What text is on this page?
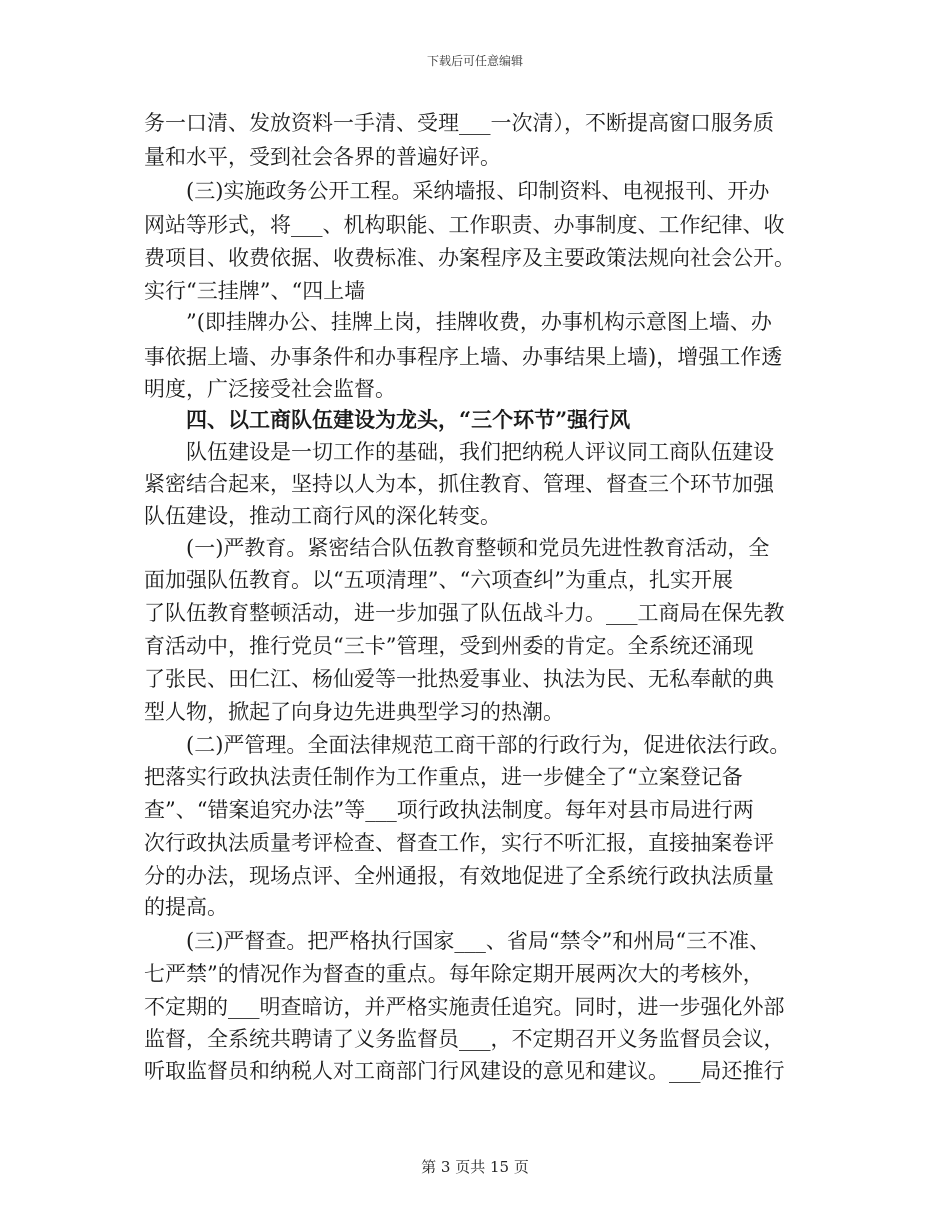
下载后可任意编辑
务一口清、发放资料一手清、受理___一次清），不断提高窗口服务质
量和水平，受到社会各界的普遍好评。
(三)实施政务公开工程。采纳墙报、印制资料、电视报刊、开办
网站等形式，将___、机构职能、工作职责、办事制度、工作纪律、收
费项目、收费依据、收费标准、办案程序及主要政策法规向社会公开。
实行“三挂牌”、“四上墙
”(即挂牌办公、挂牌上岗，挂牌收费，办事机构示意图上墙、办
事依据上墙、办事条件和办事程序上墙、办事结果上墙)，增强工作透
明度，广泛接受社会监督。
四、以工商队伍建设为龙头，“三个环节”强行风
队伍建设是一切工作的基础，我们把纳税人评议同工商队伍建设
紧密结合起来，坚持以人为本，抓住教育、管理、督查三个环节加强
队伍建设，推动工商行风的深化转变。
(一)严教育。紧密结合队伍教育整顿和党员先进性教育活动，全
面加强队伍教育。以“五项清理”、“六项查纠”为重点，扎实开展
了队伍教育整顿活动，进一步加强了队伍战斗力。___工商局在保先教
育活动中，推行党员“三卡”管理，受到州委的肯定。全系统还涌现
了张民、田仁江、杨仙爱等一批热爱事业、执法为民、无私奉献的典
型人物，掀起了向身边先进典型学习的热潮。
(二)严管理。全面法律规范工商干部的行政行为，促进依法行政。
把落实行政执法责任制作为工作重点，进一步健全了“立案登记备
查”、“错案追究办法”等___项行政执法制度。每年对县市局进行两
次行政执法质量考评检查、督查工作，实行不听汇报，直接抽案卷评
分的办法，现场点评、全州通报，有效地促进了全系统行政执法质量
的提高。
(三)严督查。把严格执行国家___、省局“禁令”和州局“三不准、
七严禁”的情况作为督查的重点。每年除定期开展两次大的考核外，
不定期的___明查暗访，并严格实施责任追究。同时，进一步强化外部
监督，全系统共聘请了义务监督员___，不定期召开义务监督员会议，
听取监督员和纳税人对工商部门行风建设的意见和建议。___局还推行
第 3 页共 15 页
